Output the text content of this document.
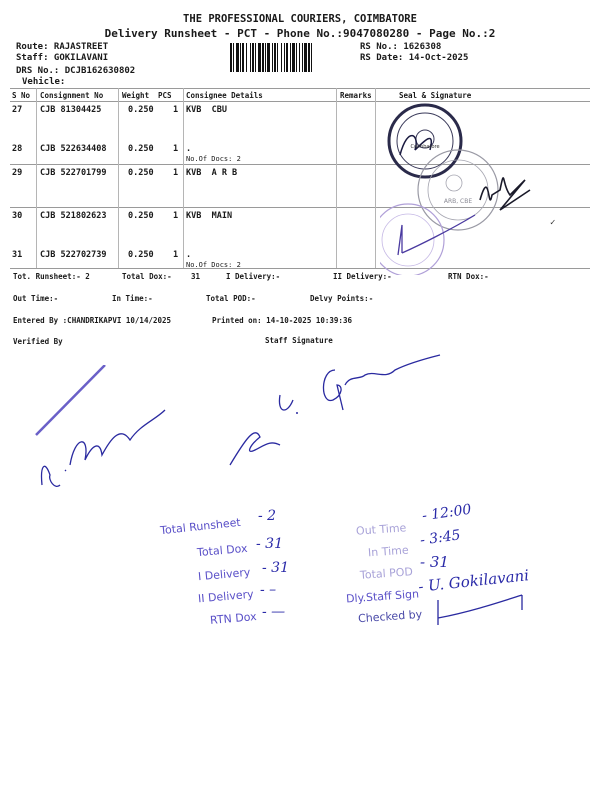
THE PROFESSIONAL COURIERS, COIMBATORE
Delivery Runsheet - PCT - Phone No.:9047080280 - Page No.:2
Route: RAJASTREET
Staff: GOKILAVANI
DRS No.: DCJB162630802
Vehicle:
RS No.: 1626308
RS Date: 14-Oct-2025
S No Consignment No	Weight PCS Consignee Details	Remarks	Seal & Signature
27 CJB 81304425	0.250 1 KVB  CBU
28 CJB 522634408	0.250 1 .
No.Of Docs: 2
29 CJB 522701799	0.250 1 KVB  A R B
30 CJB 521802623	0.250 1 KVB  MAIN
31 CJB 522702739	0.250 1 .
No.Of Docs: 2
Coimbatore
ARB, CBE
✓
Tot. Runsheet:- 2	Total Dox:-	31	I Delivery:-	II Delivery:-	RTN Dox:-
Out Time:-	In Time:-	Total POD:-	Delvy Points:-
Entered By :CHANDRIKAPVI 10/14/2025	Printed on: 14-10-2025 10:39:36
Verified By	Staff Signature
Total Runsheet - 2
Total Dox - 31
I Delivery - 31
II Delivery - –
RTN Dox - —
Out Time
- 12:00
In Time
- 3:45
Total POD
- 31
Dly.Staff Sign
- U. Gokilavani
Checked by
